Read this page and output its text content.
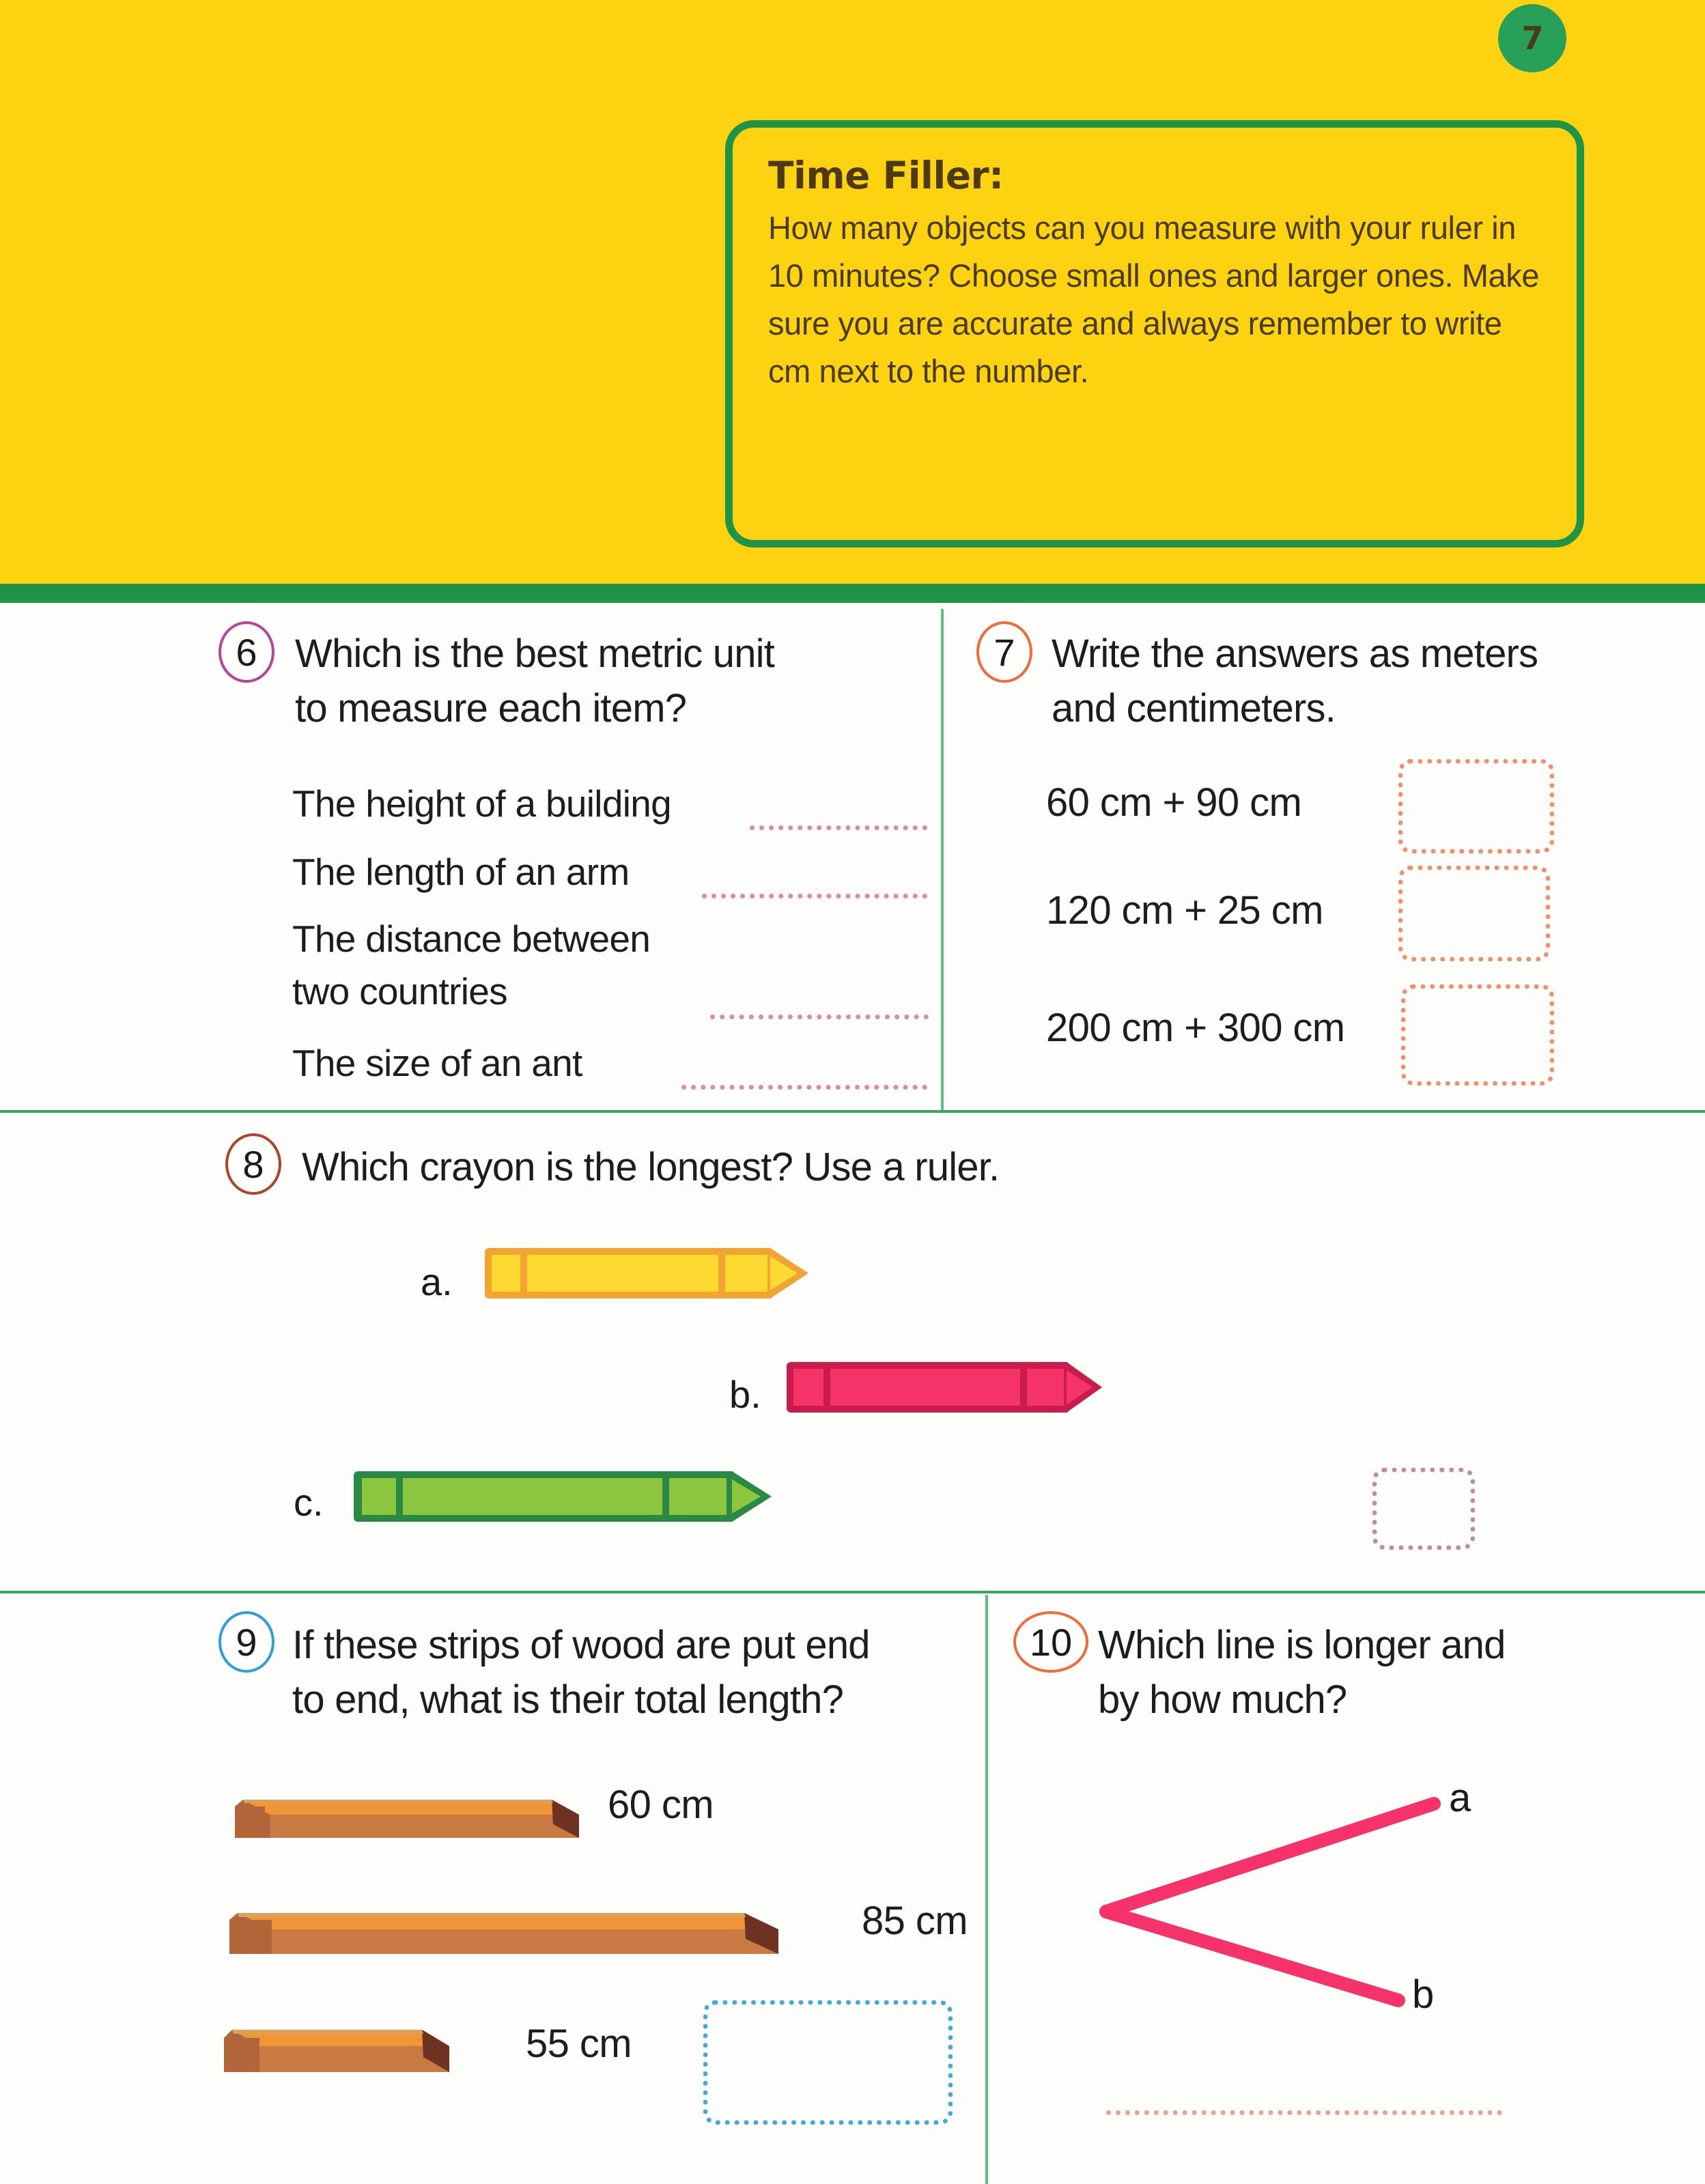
7
Time Filler:
How many objects can you measure with your ruler in 10 minutes? Choose small ones and larger ones. Make sure you are accurate and always remember to write cm next to the number.
6 Which is the best metric unit
to measure each item?
The height of a building
The length of an arm
The distance between
two countries
The size of an ant
7 Write the answers as meters
and centimeters.
60 cm + 90 cm
120 cm + 25 cm
200 cm + 300 cm
8 Which crayon is the longest? Use a ruler.
a.
b.
c.
9 If these strips of wood are put end
to end, what is their total length?
60 cm
85 cm
55 cm
10 Which line is longer and
by how much?
a
b
